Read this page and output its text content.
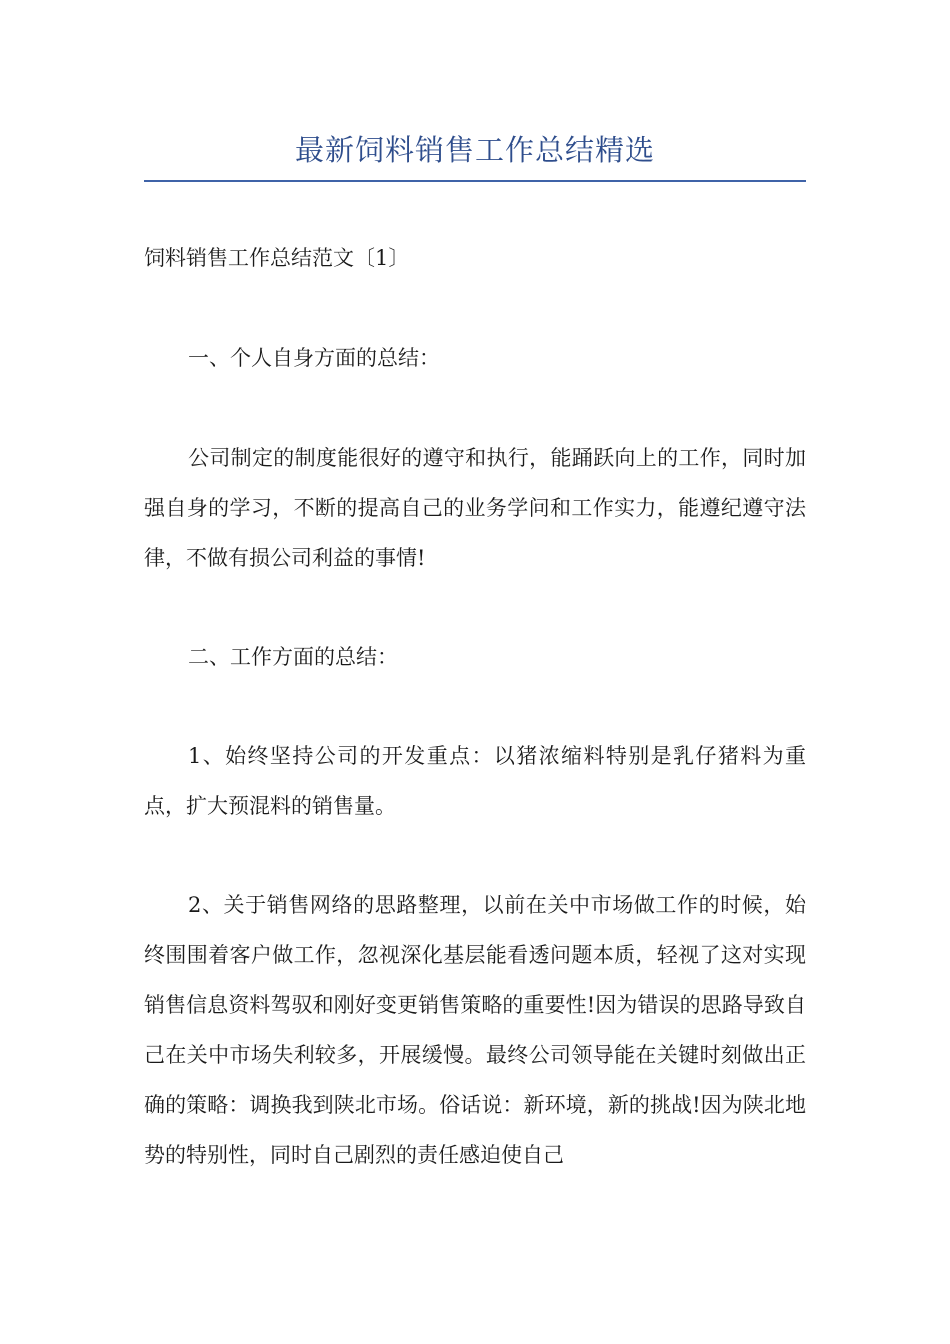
最新饲料销售工作总结精选

饲料销售工作总结范文〔1〕

一、个人自身方面的总结：

公司制定的制度能很好的遵守和执行，能踊跃向上的工作，同时加强自身的学习，不断的提高自己的业务学问和工作实力，能遵纪遵守法律，不做有损公司利益的事情!

二、工作方面的总结：

1、始终坚持公司的开发重点：以猪浓缩料特别是乳仔猪料为重点，扩大预混料的销售量。

2、关于销售网络的思路整理，以前在关中市场做工作的时候，始终围围着客户做工作，忽视深化基层能看透问题本质，轻视了这对实现销售信息资料驾驭和刚好变更销售策略的重要性!因为错误的思路导致自己在关中市场失利较多，开展缓慢。最终公司领导能在关键时刻做出正确的策略：调换我到陕北市场。俗话说：新环境，新的挑战!因为陕北地势的特别性，同时自己剧烈的责任感迫使自己
